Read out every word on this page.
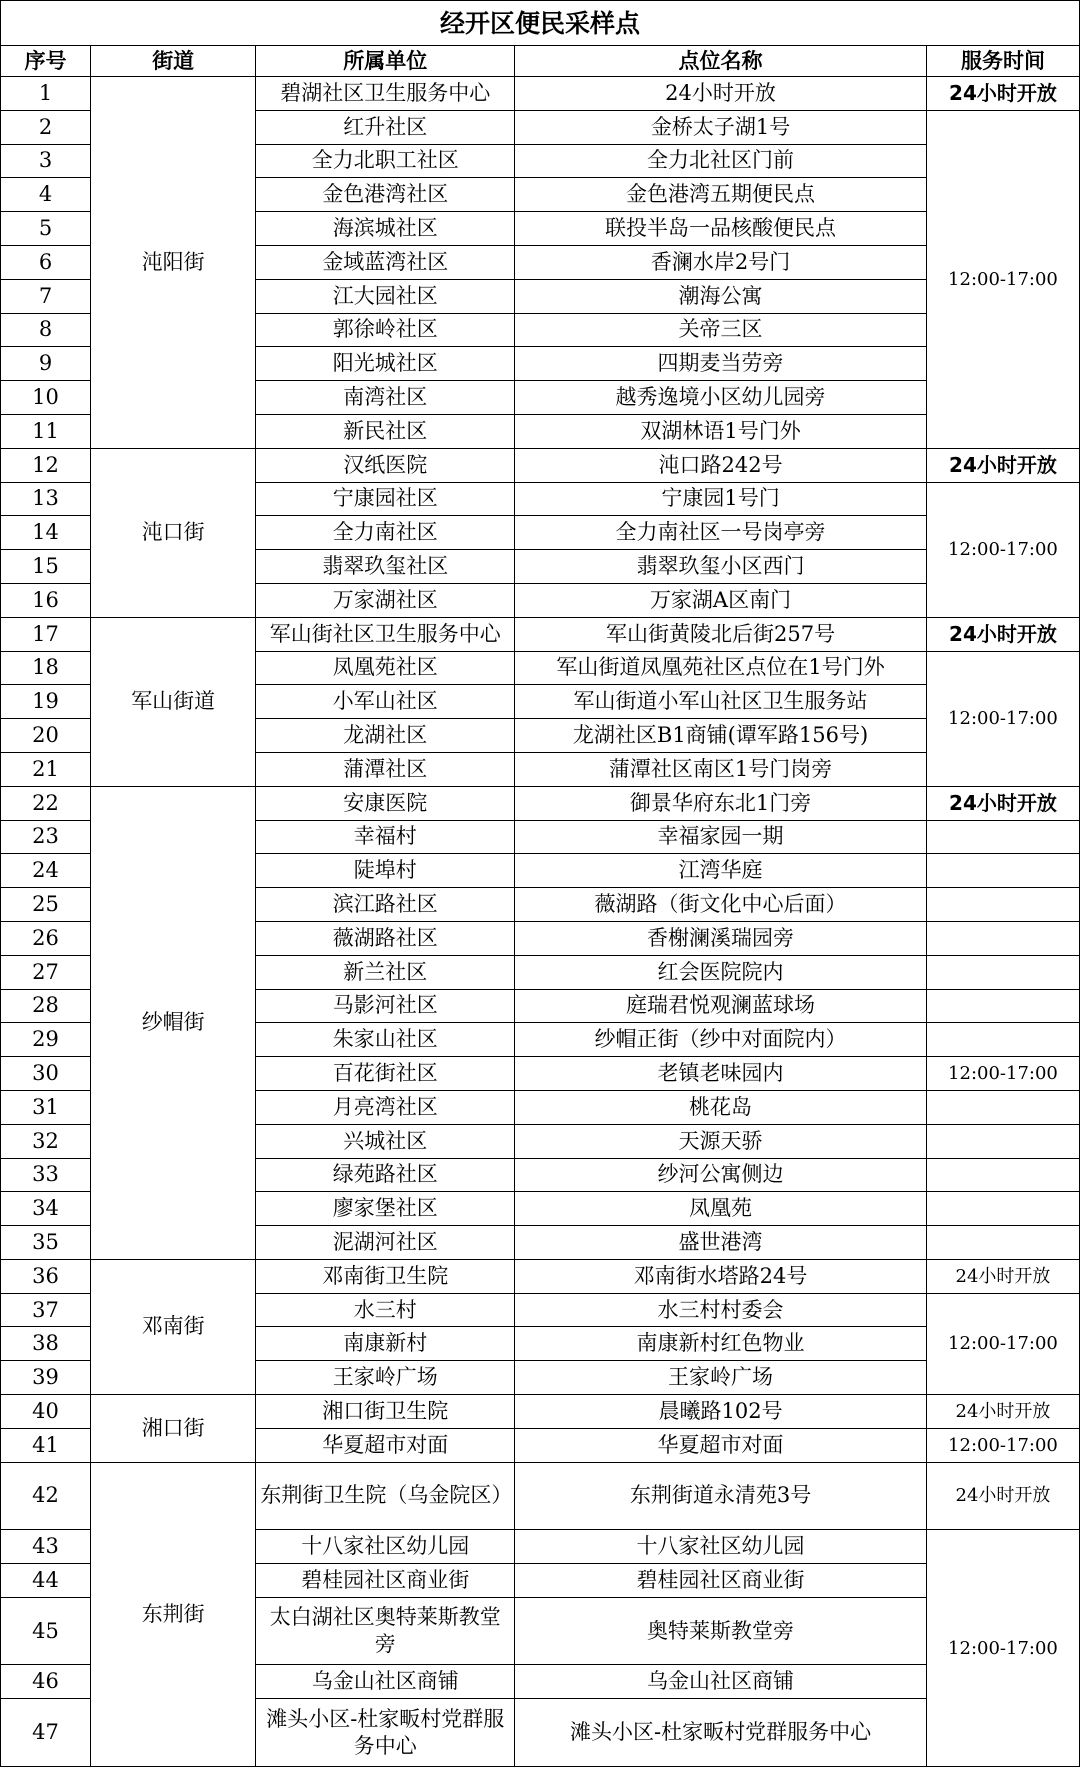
经开区便民采样点				
序号	街道	所属单位	点位名称	服务时间
1	沌阳街	碧湖社区卫生服务中心	24小时开放	24小时开放
2		红升社区	金桥太子湖1号	12:00-17:00
3		全力北职工社区	全力北社区门前	
4		金色港湾社区	金色港湾五期便民点	
5		海滨城社区	联投半岛一品核酸便民点	
6		金域蓝湾社区	香澜水岸2号门	
7		江大园社区	潮海公寓	
8		郭徐岭社区	关帝三区	
9		阳光城社区	四期麦当劳旁	
10		南湾社区	越秀逸境小区幼儿园旁	
11		新民社区	双湖林语1号门外	
12	沌口街	汉纸医院	沌口路242号	24小时开放
13		宁康园社区	宁康园1号门	12:00-17:00
14		全力南社区	全力南社区一号岗亭旁	
15		翡翠玖玺社区	翡翠玖玺小区西门	
16		万家湖社区	万家湖A区南门	
17	军山街道	军山街社区卫生服务中心	军山街黄陵北后街257号	24小时开放
18		凤凰苑社区	军山街道凤凰苑社区点位在1号门外	12:00-17:00
19		小军山社区	军山街道小军山社区卫生服务站	
20		龙湖社区	龙湖社区B1商铺(谭军路156号)	
21		蒲潭社区	蒲潭社区南区1号门岗旁	
22	纱帽街	安康医院	御景华府东北1门旁	24小时开放
23		幸福村	幸福家园一期	
24		陡埠村	江湾华庭	
25		滨江路社区	薇湖路（街文化中心后面）	
26		薇湖路社区	香榭澜溪瑞园旁	
27		新兰社区	红会医院院内	
28		马影河社区	庭瑞君悦观澜蓝球场	
29		朱家山社区	纱帽正街（纱中对面院内）	
30		百花街社区	老镇老味园内	12:00-17:00
31		月亮湾社区	桃花岛	
32		兴城社区	天源天骄	
33		绿苑路社区	纱河公寓侧边	
34		廖家堡社区	凤凰苑	
35		泥湖河社区	盛世港湾	
36	邓南街	邓南街卫生院	邓南街水塔路24号	24小时开放
37		水三村	水三村村委会	12:00-17:00
38		南康新村	南康新村红色物业	
39		王家岭广场	王家岭广场	
40	湘口街	湘口街卫生院	晨曦路102号	24小时开放
41		华夏超市对面	华夏超市对面	12:00-17:00
42	东荆街	东荆街卫生院（乌金院区）	东荆街道永清苑3号	24小时开放
43		十八家社区幼儿园	十八家社区幼儿园	12:00-17:00
44		碧桂园社区商业街	碧桂园社区商业街	
45		太白湖社区奥特莱斯教堂旁	奥特莱斯教堂旁	
46		乌金山社区商铺	乌金山社区商铺	
47		滩头小区-杜家畈村党群服务中心	滩头小区-杜家畈村党群服务中心	
